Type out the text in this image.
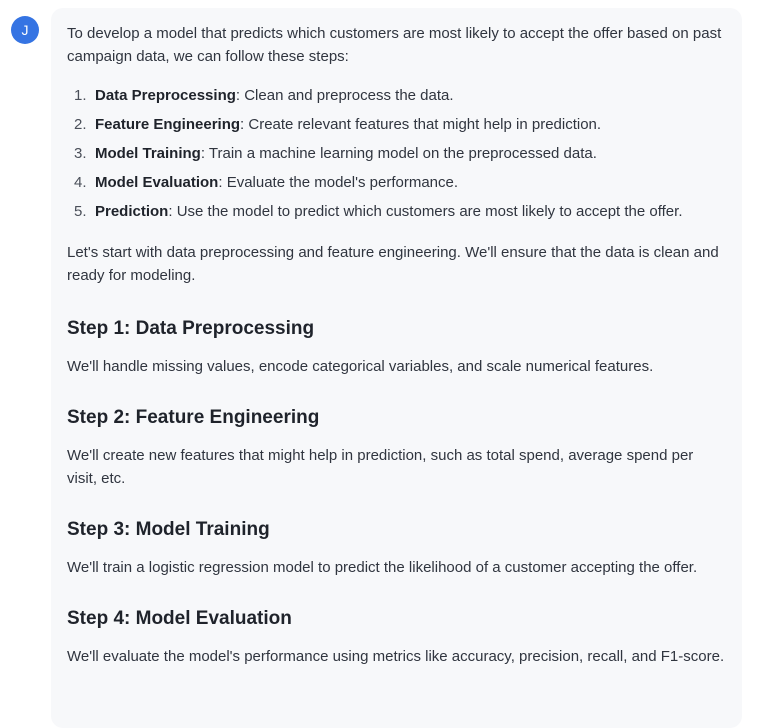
J	To develop a model that predicts which customers are most likely to accept the offer based on past campaign data, we can follow these steps:

1. Data Preprocessing: Clean and preprocess the data.
2. Feature Engineering: Create relevant features that might help in prediction.
3. Model Training: Train a machine learning model on the preprocessed data.
4. Model Evaluation: Evaluate the model's performance.
5. Prediction: Use the model to predict which customers are most likely to accept the offer.

Let's start with data preprocessing and feature engineering. We'll ensure that the data is clean and ready for modeling.

Step 1: Data Preprocessing

We'll handle missing values, encode categorical variables, and scale numerical features.

Step 2: Feature Engineering

We'll create new features that might help in prediction, such as total spend, average spend per visit, etc.

Step 3: Model Training

We'll train a logistic regression model to predict the likelihood of a customer accepting the offer.

Step 4: Model Evaluation

We'll evaluate the model's performance using metrics like accuracy, precision, recall, and F1-score.
